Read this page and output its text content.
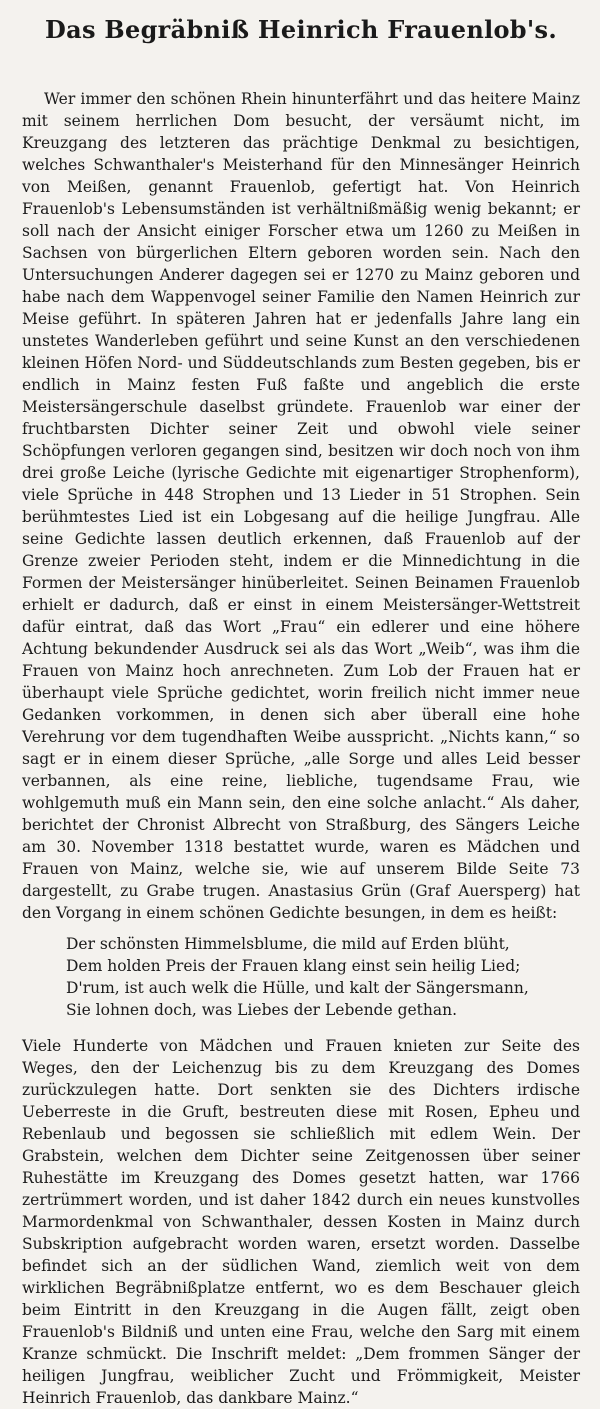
Das Begräbniß Heinrich Frauenlob's.

Wer immer den schönen Rhein hinunterfährt und das heitere Mainz mit seinem herrlichen Dom besucht, der versäumt nicht, im Kreuzgang des letzteren das prächtige Denkmal zu besichtigen, welches Schwanthaler's Meisterhand für den Minnesänger Heinrich von Meißen, genannt Frauenlob, gefertigt hat. Von Heinrich Frauenlob's Lebensumständen ist verhältnißmäßig wenig bekannt; er soll nach der Ansicht einiger Forscher etwa um 1260 zu Meißen in Sachsen von bürgerlichen Eltern geboren worden sein. Nach den Untersuchungen Anderer dagegen sei er 1270 zu Mainz geboren und habe nach dem Wappenvogel seiner Familie den Namen Heinrich zur Meise geführt. In späteren Jahren hat er jedenfalls Jahre lang ein unstetes Wanderleben geführt und seine Kunst an den verschiedenen kleinen Höfen Nord- und Süddeutschlands zum Besten gegeben, bis er endlich in Mainz festen Fuß faßte und angeblich die erste Meistersängerschule daselbst gründete. Frauenlob war einer der fruchtbarsten Dichter seiner Zeit und obwohl viele seiner Schöpfungen verloren gegangen sind, besitzen wir doch noch von ihm drei große Leiche (lyrische Gedichte mit eigenartiger Strophenform), viele Sprüche in 448 Strophen und 13 Lieder in 51 Strophen. Sein berühmtestes Lied ist ein Lobgesang auf die heilige Jungfrau. Alle seine Gedichte lassen deutlich erkennen, daß Frauenlob auf der Grenze zweier Perioden steht, indem er die Minnedichtung in die Formen der Meistersänger hinüberleitet. Seinen Beinamen Frauenlob erhielt er dadurch, daß er einst in einem Meistersänger-Wettstreit dafür eintrat, daß das Wort „Frau“ ein edlerer und eine höhere Achtung bekundender Ausdruck sei als das Wort „Weib“, was ihm die Frauen von Mainz hoch anrechneten. Zum Lob der Frauen hat er überhaupt viele Sprüche gedichtet, worin freilich nicht immer neue Gedanken vorkommen, in denen sich aber überall eine hohe Verehrung vor dem tugendhaften Weibe ausspricht. „Nichts kann,“ so sagt er in einem dieser Sprüche, „alle Sorge und alles Leid besser verbannen, als eine reine, liebliche, tugendsame Frau, wie wohlgemuth muß ein Mann sein, den eine solche anlacht.“ Als daher, berichtet der Chronist Albrecht von Straßburg, des Sängers Leiche am 30. November 1318 bestattet wurde, waren es Mädchen und Frauen von Mainz, welche sie, wie auf unserem Bilde Seite 73 dargestellt, zu Grabe trugen. Anastasius Grün (Graf Auersperg) hat den Vorgang in einem schönen Gedichte besungen, in dem es heißt:

Der schönsten Himmelsblume, die mild auf Erden blüht,
Dem holden Preis der Frauen klang einst sein heilig Lied;
D'rum, ist auch welk die Hülle, und kalt der Sängersmann,
Sie lohnen doch, was Liebes der Lebende gethan.

Viele Hunderte von Mädchen und Frauen knieten zur Seite des Weges, den der Leichenzug bis zu dem Kreuzgang des Domes zurückzulegen hatte. Dort senkten sie des Dichters irdische Ueberreste in die Gruft, bestreuten diese mit Rosen, Epheu und Rebenlaub und begossen sie schließlich mit edlem Wein. Der Grabstein, welchen dem Dichter seine Zeitgenossen über seiner Ruhestätte im Kreuzgang des Domes gesetzt hatten, war 1766 zertrümmert worden, und ist daher 1842 durch ein neues kunstvolles Marmordenkmal von Schwanthaler, dessen Kosten in Mainz durch Subskription aufgebracht worden waren, ersetzt worden. Dasselbe befindet sich an der südlichen Wand, ziemlich weit von dem wirklichen Begräbnißplatze entfernt, wo es dem Beschauer gleich beim Eintritt in den Kreuzgang in die Augen fällt, zeigt oben Frauenlob's Bildniß und unten eine Frau, welche den Sarg mit einem Kranze schmückt. Die Inschrift meldet: „Dem frommen Sänger der heiligen Jungfrau, weiblicher Zucht und Frömmigkeit, Meister Heinrich Frauenlob, das dankbare Mainz.“
